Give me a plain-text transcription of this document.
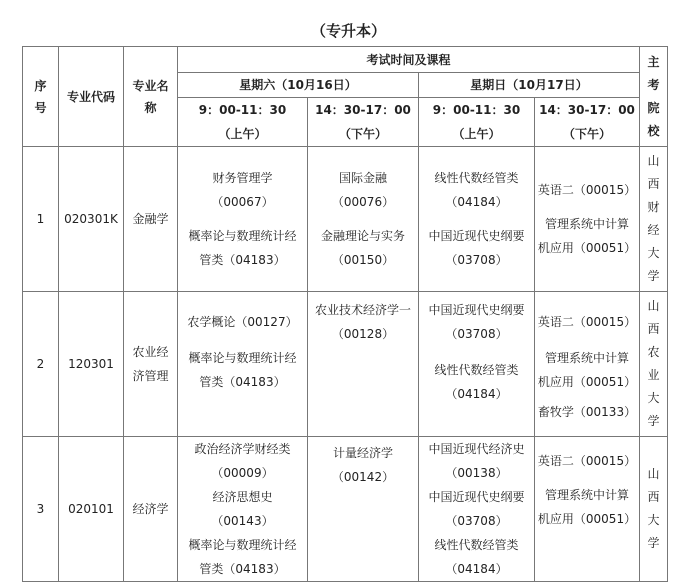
（专升本）
序
号
专业代码
专业名
称
考试时间及课程
星期六（10月16日）	星期日（10月17日）
9：00-11：30
（上午）
14：30-17：00
（下午）
9：00-11：30
（上午）
14：30-17：00
（下午）
主
考
院
校
1 020301K 金融学
财务管理学
（00067）
概率论与数理统计经
管类（04183）
国际金融
（00076）
金融理论与实务
（00150）
线性代数经管类
（04184）
中国近现代史纲要
（03708）
英语二（00015）
管理系统中计算
机应用（00051）
山
西
财
经
大
学
2 120301
农业经
济管理
农学概论（00127）
概率论与数理统计经
管类（04183）
农业技术经济学一
（00128）
中国近现代史纲要
（03708）
线性代数经管类
（04184）
英语二（00015）
管理系统中计算
机应用（00051）
畜牧学（00133）
山
西
农
业
大
学
3 020101 经济学
政治经济学财经类
（00009）
经济思想史
（00143）
概率论与数理统计经
管类（04183）
计量经济学
（00142）
中国近现代经济史
（00138）
中国近现代史纲要
（03708）
线性代数经管类
（04184）
英语二（00015）
管理系统中计算
机应用（00051）
山
西
大
学
